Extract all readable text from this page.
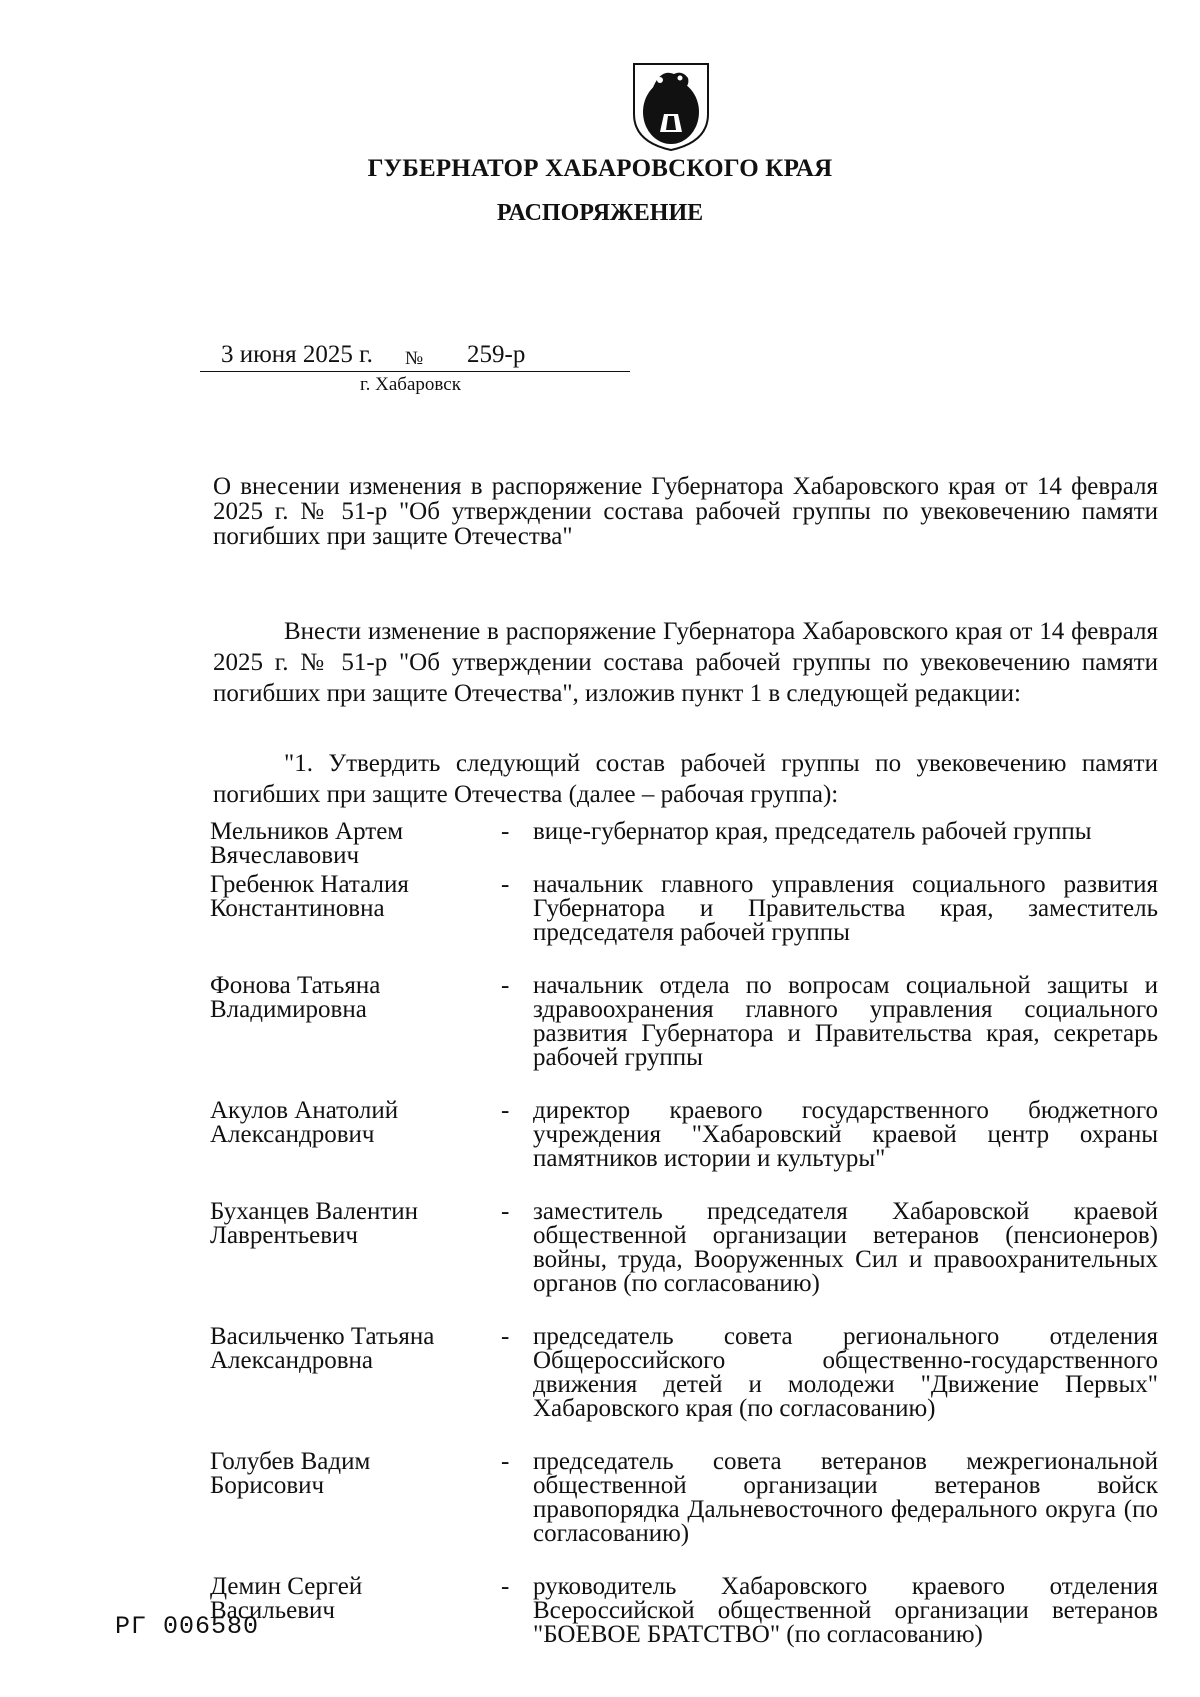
ГУБЕРНАТОР ХАБАРОВСКОГО КРАЯ
РАСПОРЯЖЕНИЕ
3 июня 2025 г. № 259-р
г. Хабаровск
О внесении изменения в распоряжение Губернатора Хабаровского края от 14 февраля 2025 г. № 51-р "Об утверждении состава рабочей группы по увековечению памяти погибших при защите Отечества"
Внести изменение в распоряжение Губернатора Хабаровского края от 14 февраля 2025 г. № 51-р "Об утверждении состава рабочей группы по увековечению памяти погибших при защите Отечества", изложив пункт 1 в следующей редакции:
"1. Утвердить следующий состав рабочей группы по увековечению памяти погибших при защите Отечества (далее – рабочая группа):
Мельников Артем Вячеславович
- вице-губернатор края, председатель рабочей группы
Гребенюк Наталия Константиновна
- начальник главного управления социального развития Губернатора и Правительства края, заместитель председателя рабочей группы
Фонова Татьяна Владимировна
- начальник отдела по вопросам социальной защиты и здравоохранения главного управления социального развития Губернатора и Правительства края, секретарь рабочей группы
Акулов Анатолий Александрович
- директор краевого государственного бюджетного учреждения "Хабаровский краевой центр охраны памятников истории и культуры"
Буханцев Валентин Лаврентьевич
- заместитель председателя Хабаровской краевой общественной организации ветеранов (пенсионеров) войны, труда, Вооруженных Сил и правоохранительных органов (по согласованию)
Васильченко Татьяна Александровна
- председатель совета регионального отделения Общероссийского общественно-государственного движения детей и молодежи "Движение Первых" Хабаровского края (по согласованию)
Голубев Вадим Борисович
- председатель совета ветеранов межрегиональной общественной организации ветеранов войск правопорядка Дальневосточного федерального округа (по согласованию)
Демин Сергей Васильевич
- руководитель Хабаровского краевого отделения Всероссийской общественной организации ветеранов "БОЕВОЕ БРАТСТВО" (по согласованию)
РГ 006580
